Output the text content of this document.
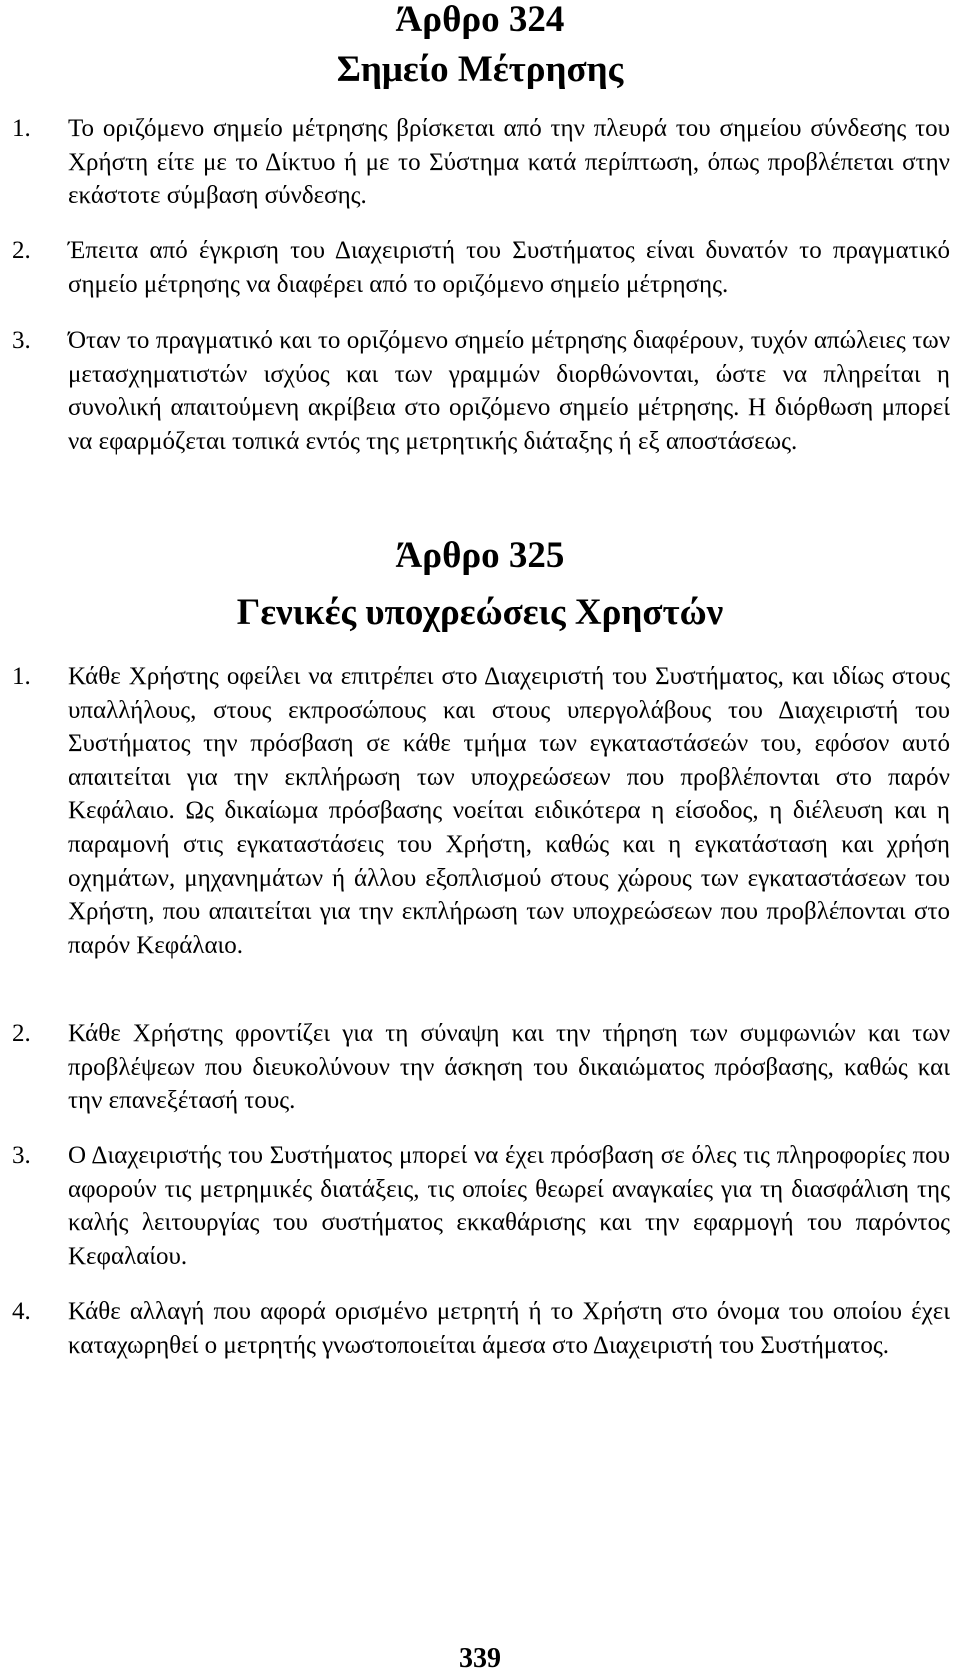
Άρθρο 324
Σημείο Μέτρησης

1. Το οριζόμενο σημείο μέτρησης βρίσκεται από την πλευρά του σημείου σύνδεσης του Χρήστη είτε με το Δίκτυο ή με το Σύστημα κατά περίπτωση, όπως προβλέπεται στην εκάστοτε σύμβαση σύνδεσης.

2. Έπειτα από έγκριση του Διαχειριστή του Συστήματος είναι δυνατόν το πραγματικό σημείο μέτρησης να διαφέρει από το οριζόμενο σημείο μέτρησης.

3. Όταν το πραγματικό και το οριζόμενο σημείο μέτρησης διαφέρουν, τυχόν απώλειες των μετασχηματιστών ισχύος και των γραμμών διορθώνονται, ώστε να πληρείται η συνολική απαιτούμενη ακρίβεια στο οριζόμενο σημείο μέτρησης. Η διόρθωση μπορεί να εφαρμόζεται τοπικά εντός της μετρητικής διάταξης ή εξ αποστάσεως.

Άρθρο 325
Γενικές υποχρεώσεις Χρηστών

1. Κάθε Χρήστης οφείλει να επιτρέπει στο Διαχειριστή του Συστήματος, και ιδίως στους υπαλλήλους, στους εκπροσώπους και στους υπεργολάβους του Διαχειριστή του Συστήματος την πρόσβαση σε κάθε τμήμα των εγκαταστάσεών του, εφόσον αυτό απαιτείται για την εκπλήρωση των υποχρεώσεων που προβλέπονται στο παρόν Κεφάλαιο. Ως δικαίωμα πρόσβασης νοείται ειδικότερα η είσοδος, η διέλευση και η παραμονή στις εγκαταστάσεις του Χρήστη, καθώς και η εγκατάσταση και χρήση οχημάτων, μηχανημάτων ή άλλου εξοπλισμού στους χώρους των εγκαταστάσεων του Χρήστη, που απαιτείται για την εκπλήρωση των υποχρεώσεων που προβλέπονται στο παρόν Κεφάλαιο.

2. Κάθε Χρήστης φροντίζει για τη σύναψη και την τήρηση των συμφωνιών και των προβλέψεων που διευκολύνουν την άσκηση του δικαιώματος πρόσβασης, καθώς και την επανεξέτασή τους.

3. Ο Διαχειριστής του Συστήματος μπορεί να έχει πρόσβαση σε όλες τις πληροφορίες που αφορούν τις μετρημικές διατάξεις, τις οποίες θεωρεί αναγκαίες για τη διασφάλιση της καλής λειτουργίας του συστήματος εκκαθάρισης και την εφαρμογή του παρόντος Κεφαλαίου.

4. Κάθε αλλαγή που αφορά ορισμένο μετρητή ή το Χρήστη στο όνομα του οποίου έχει καταχωρηθεί ο μετρητής γνωστοποιείται άμεσα στο Διαχειριστή του Συστήματος.

339
